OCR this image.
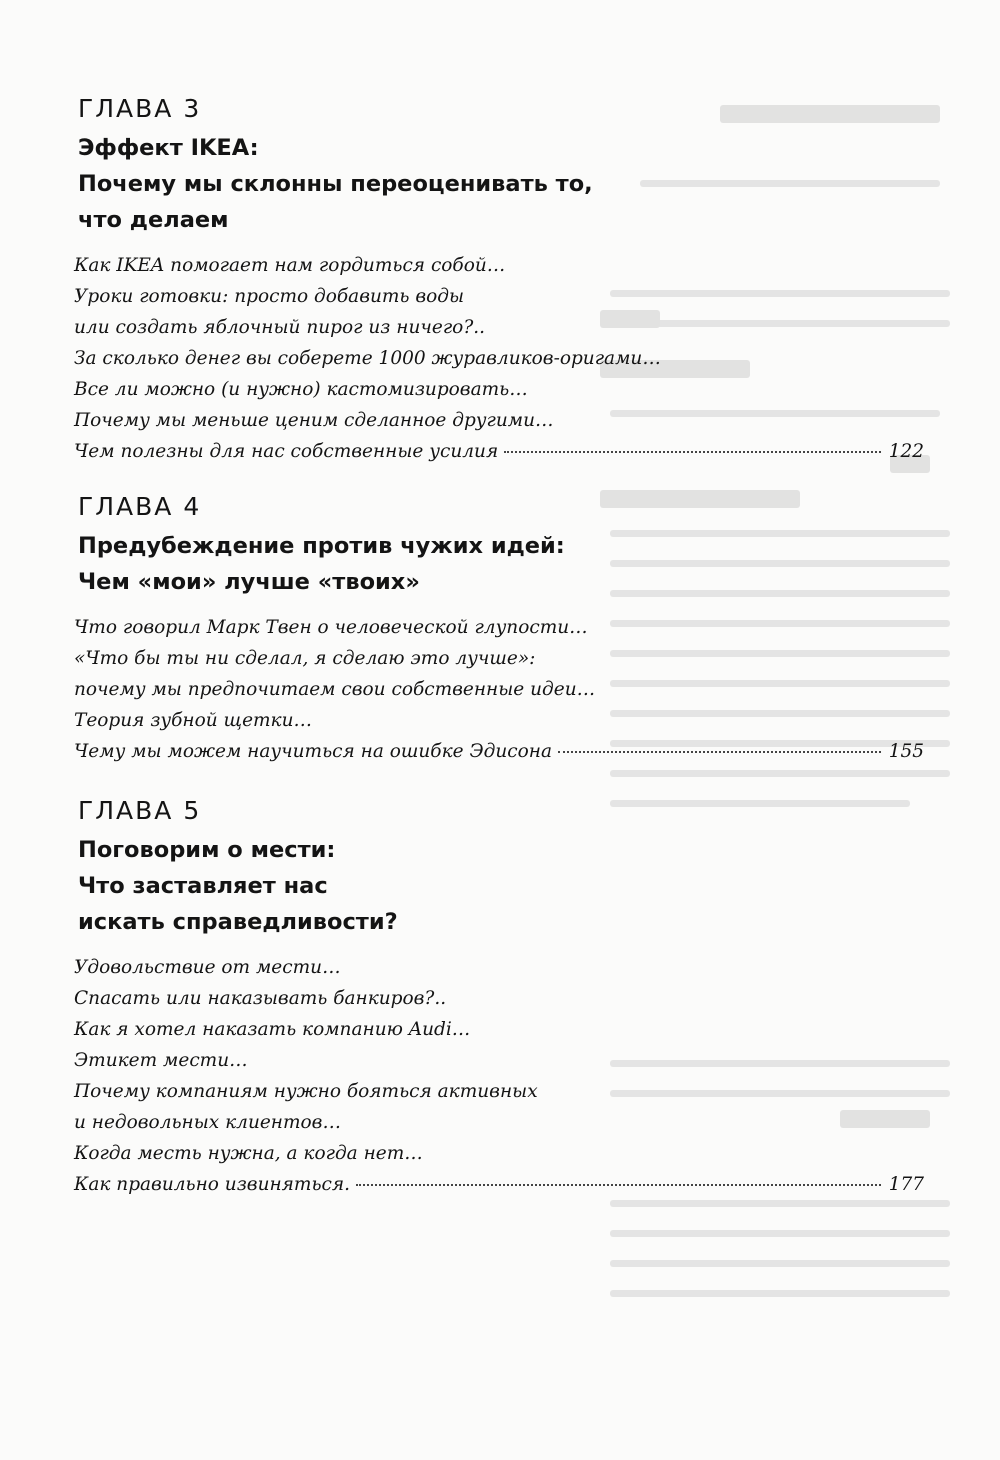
ГЛАВА 3
Эффект IKEA:
Почему мы склонны переоценивать то,
что делаем
Как IKEA помогает нам гордиться собой…
Уроки готовки: просто добавить воды
или создать яблочный пирог из ничего?..
За сколько денег вы соберете 1000 журавликов-оригами…
Все ли можно (и нужно) кастомизировать…
Почему мы меньше ценим сделанное другими…
Чем полезны для нас собственные усилия	122
ГЛАВА 4
Предубеждение против чужих идей:
Чем «мои» лучше «твоих»
Что говорил Марк Твен о человеческой глупости…
«Что бы ты ни сделал, я сделаю это лучше»:
почему мы предпочитаем свои собственные идеи…
Теория зубной щетки…
Чему мы можем научиться на ошибке Эдисона	155
ГЛАВА 5
Поговорим о мести:
Что заставляет нас
искать справедливости?
Удовольствие от мести…
Спасать или наказывать банкиров?..
Как я хотел наказать компанию Audi…
Этикет мести…
Почему компаниям нужно бояться активных
и недовольных клиентов…
Когда месть нужна, а когда нет…
Как правильно извиняться.	177
